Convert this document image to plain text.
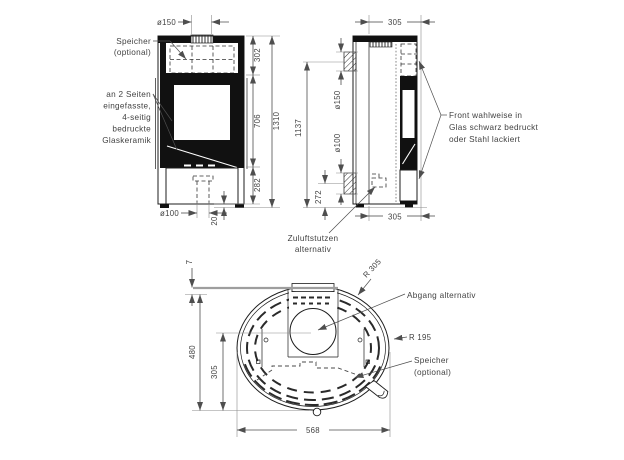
ø150
302
706
282
1310
20
ø100
Speicher
(optional)
an 2 Seiten
eingefasste,
4-seitig
bedruckte
Glaskeramik
305
305
1137
ø150
ø100
272
Front wahlweise in
Glas schwarz bedruckt
oder Stahl lackiert
Zuluftstutzen
alternativ
7
480
305
568
R 305
R 195
Abgang alternativ
Speicher
(optional)
